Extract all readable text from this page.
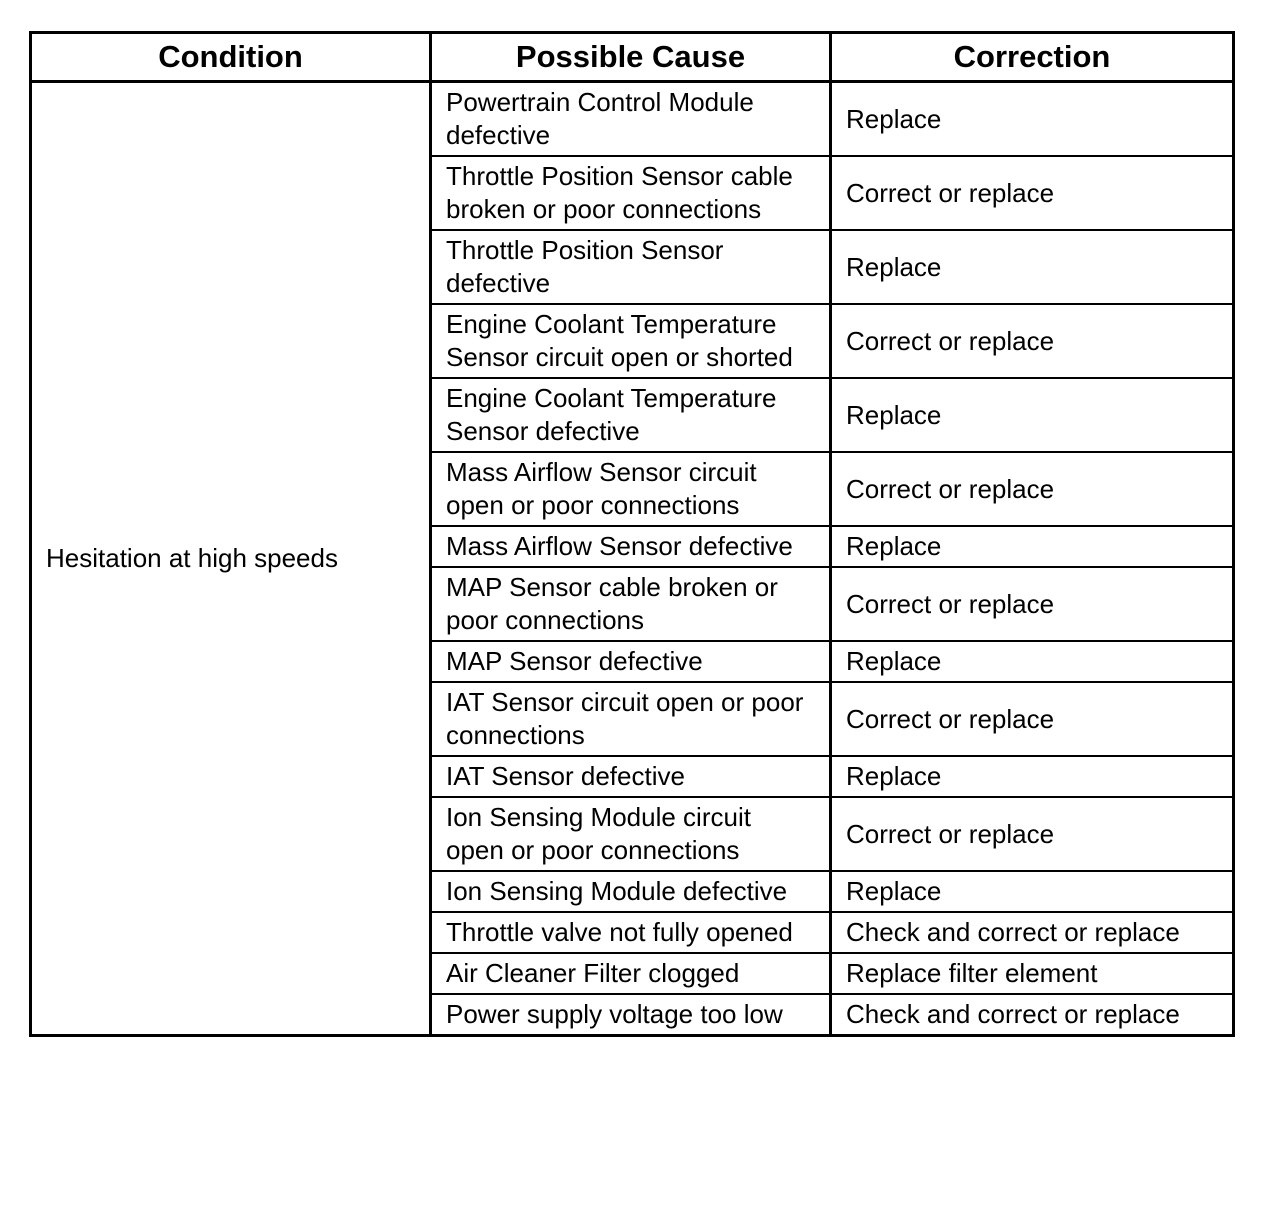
Condition	Possible Cause	Correction
Hesitation at high speeds	Powertrain Control Module defective	Replace
	Throttle Position Sensor cable broken or poor connections	Correct or replace
	Throttle Position Sensor defective	Replace
	Engine Coolant Temperature Sensor circuit open or shorted	Correct or replace
	Engine Coolant Temperature Sensor defective	Replace
	Mass Airflow Sensor circuit open or poor connections	Correct or replace
	Mass Airflow Sensor defective	Replace
	MAP Sensor cable broken or poor connections	Correct or replace
	MAP Sensor defective	Replace
	IAT Sensor circuit open or poor connections	Correct or replace
	IAT Sensor defective	Replace
	Ion Sensing Module circuit open or poor connections	Correct or replace
	Ion Sensing Module defective	Replace
	Throttle valve not fully opened	Check and correct or replace
	Air Cleaner Filter clogged	Replace filter element
	Power supply voltage too low	Check and correct or replace
